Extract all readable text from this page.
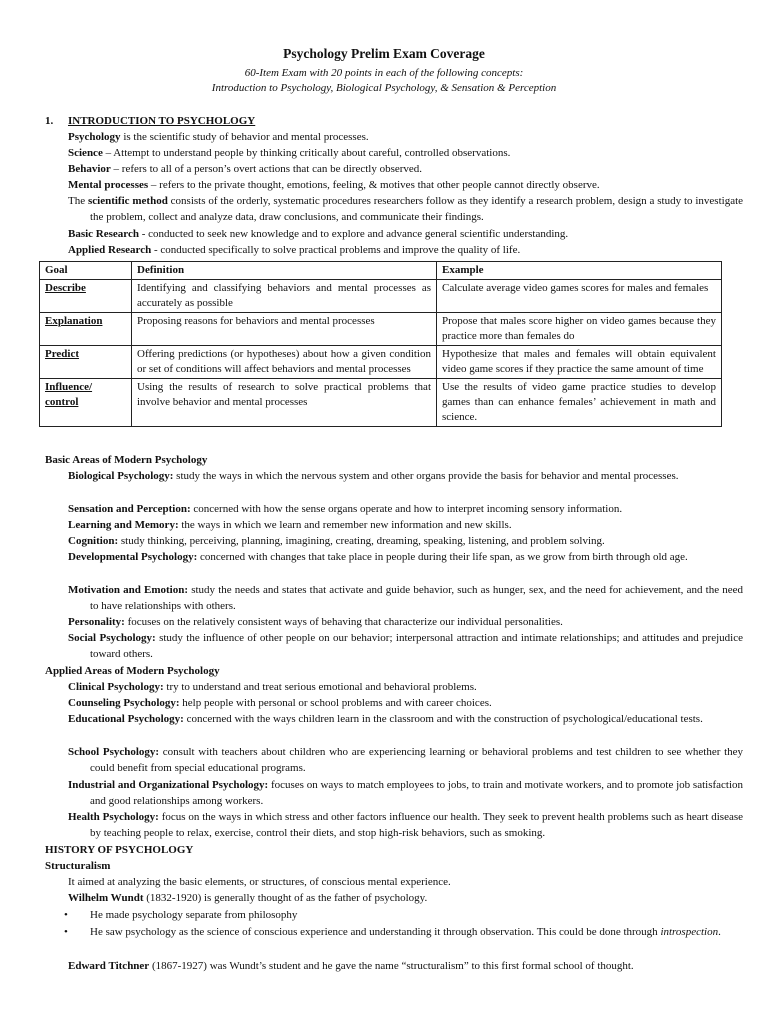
Psychology Prelim Exam Coverage
60-Item Exam with 20 points in each of the following concepts:
Introduction to Psychology, Biological Psychology, & Sensation & Perception
1. INTRODUCTION TO PSYCHOLOGY
Psychology is the scientific study of behavior and mental processes.
Science – Attempt to understand people by thinking critically about careful, controlled observations.
Behavior – refers to all of a person’s overt actions that can be directly observed.
Mental processes – refers to the private thought, emotions, feeling, & motives that other people cannot directly observe.
The scientific method consists of the orderly, systematic procedures researchers follow as they identify a research problem, design a study to investigate the problem, collect and analyze data, draw conclusions, and communicate their findings.
Basic Research - conducted to seek new knowledge and to explore and advance general scientific understanding.
Applied Research - conducted specifically to solve practical problems and improve the quality of life.
Goal	Definition	Example
Describe	Identifying and classifying behaviors and mental processes as accurately as possible	Calculate average video games scores for males and females
Explanation	Proposing reasons for behaviors and mental processes	Propose that males score higher on video games because they practice more than females do
Predict	Offering predictions (or hypotheses) about how a given condition or set of conditions will affect behaviors and mental processes	Hypothesize that males and females will obtain equivalent video game scores if they practice the same amount of time
Influence/ control	Using the results of research to solve practical problems that involve behavior and mental processes	Use the results of video game practice studies to develop games than can enhance females’ achievement in math and science.
Basic Areas of Modern Psychology
Biological Psychology: study the ways in which the nervous system and other organs provide the basis for behavior and mental processes.
Sensation and Perception: concerned with how the sense organs operate and how to interpret incoming sensory information.
Learning and Memory: the ways in which we learn and remember new information and new skills.
Cognition: study thinking, perceiving, planning, imagining, creating, dreaming, speaking, listening, and problem solving.
Developmental Psychology: concerned with changes that take place in people during their life span, as we grow from birth through old age.
Motivation and Emotion: study the needs and states that activate and guide behavior, such as hunger, sex, and the need for achievement, and the need to have relationships with others.
Personality: focuses on the relatively consistent ways of behaving that characterize our individual personalities.
Social Psychology: study the influence of other people on our behavior; interpersonal attraction and intimate relationships; and attitudes and prejudice toward others.
Applied Areas of Modern Psychology
Clinical Psychology: try to understand and treat serious emotional and behavioral problems.
Counseling Psychology: help people with personal or school problems and with career choices.
Educational Psychology: concerned with the ways children learn in the classroom and with the construction of psychological/educational tests.
School Psychology: consult with teachers about children who are experiencing learning or behavioral problems and test children to see whether they could benefit from special educational programs.
Industrial and Organizational Psychology: focuses on ways to match employees to jobs, to train and motivate workers, and to promote job satisfaction and good relationships among workers.
Health Psychology: focus on the ways in which stress and other factors influence our health. They seek to prevent health problems such as heart disease by teaching people to relax, exercise, control their diets, and stop high-risk behaviors, such as smoking.
HISTORY OF PSYCHOLOGY
Structuralism
It aimed at analyzing the basic elements, or structures, of conscious mental experience.
Wilhelm Wundt (1832-1920) is generally thought of as the father of psychology.
• He made psychology separate from philosophy
• He saw psychology as the science of conscious experience and understanding it through observation. This could be done through introspection.
Edward Titchner (1867-1927) was Wundt’s student and he gave the name “structuralism” to this first formal school of thought.
